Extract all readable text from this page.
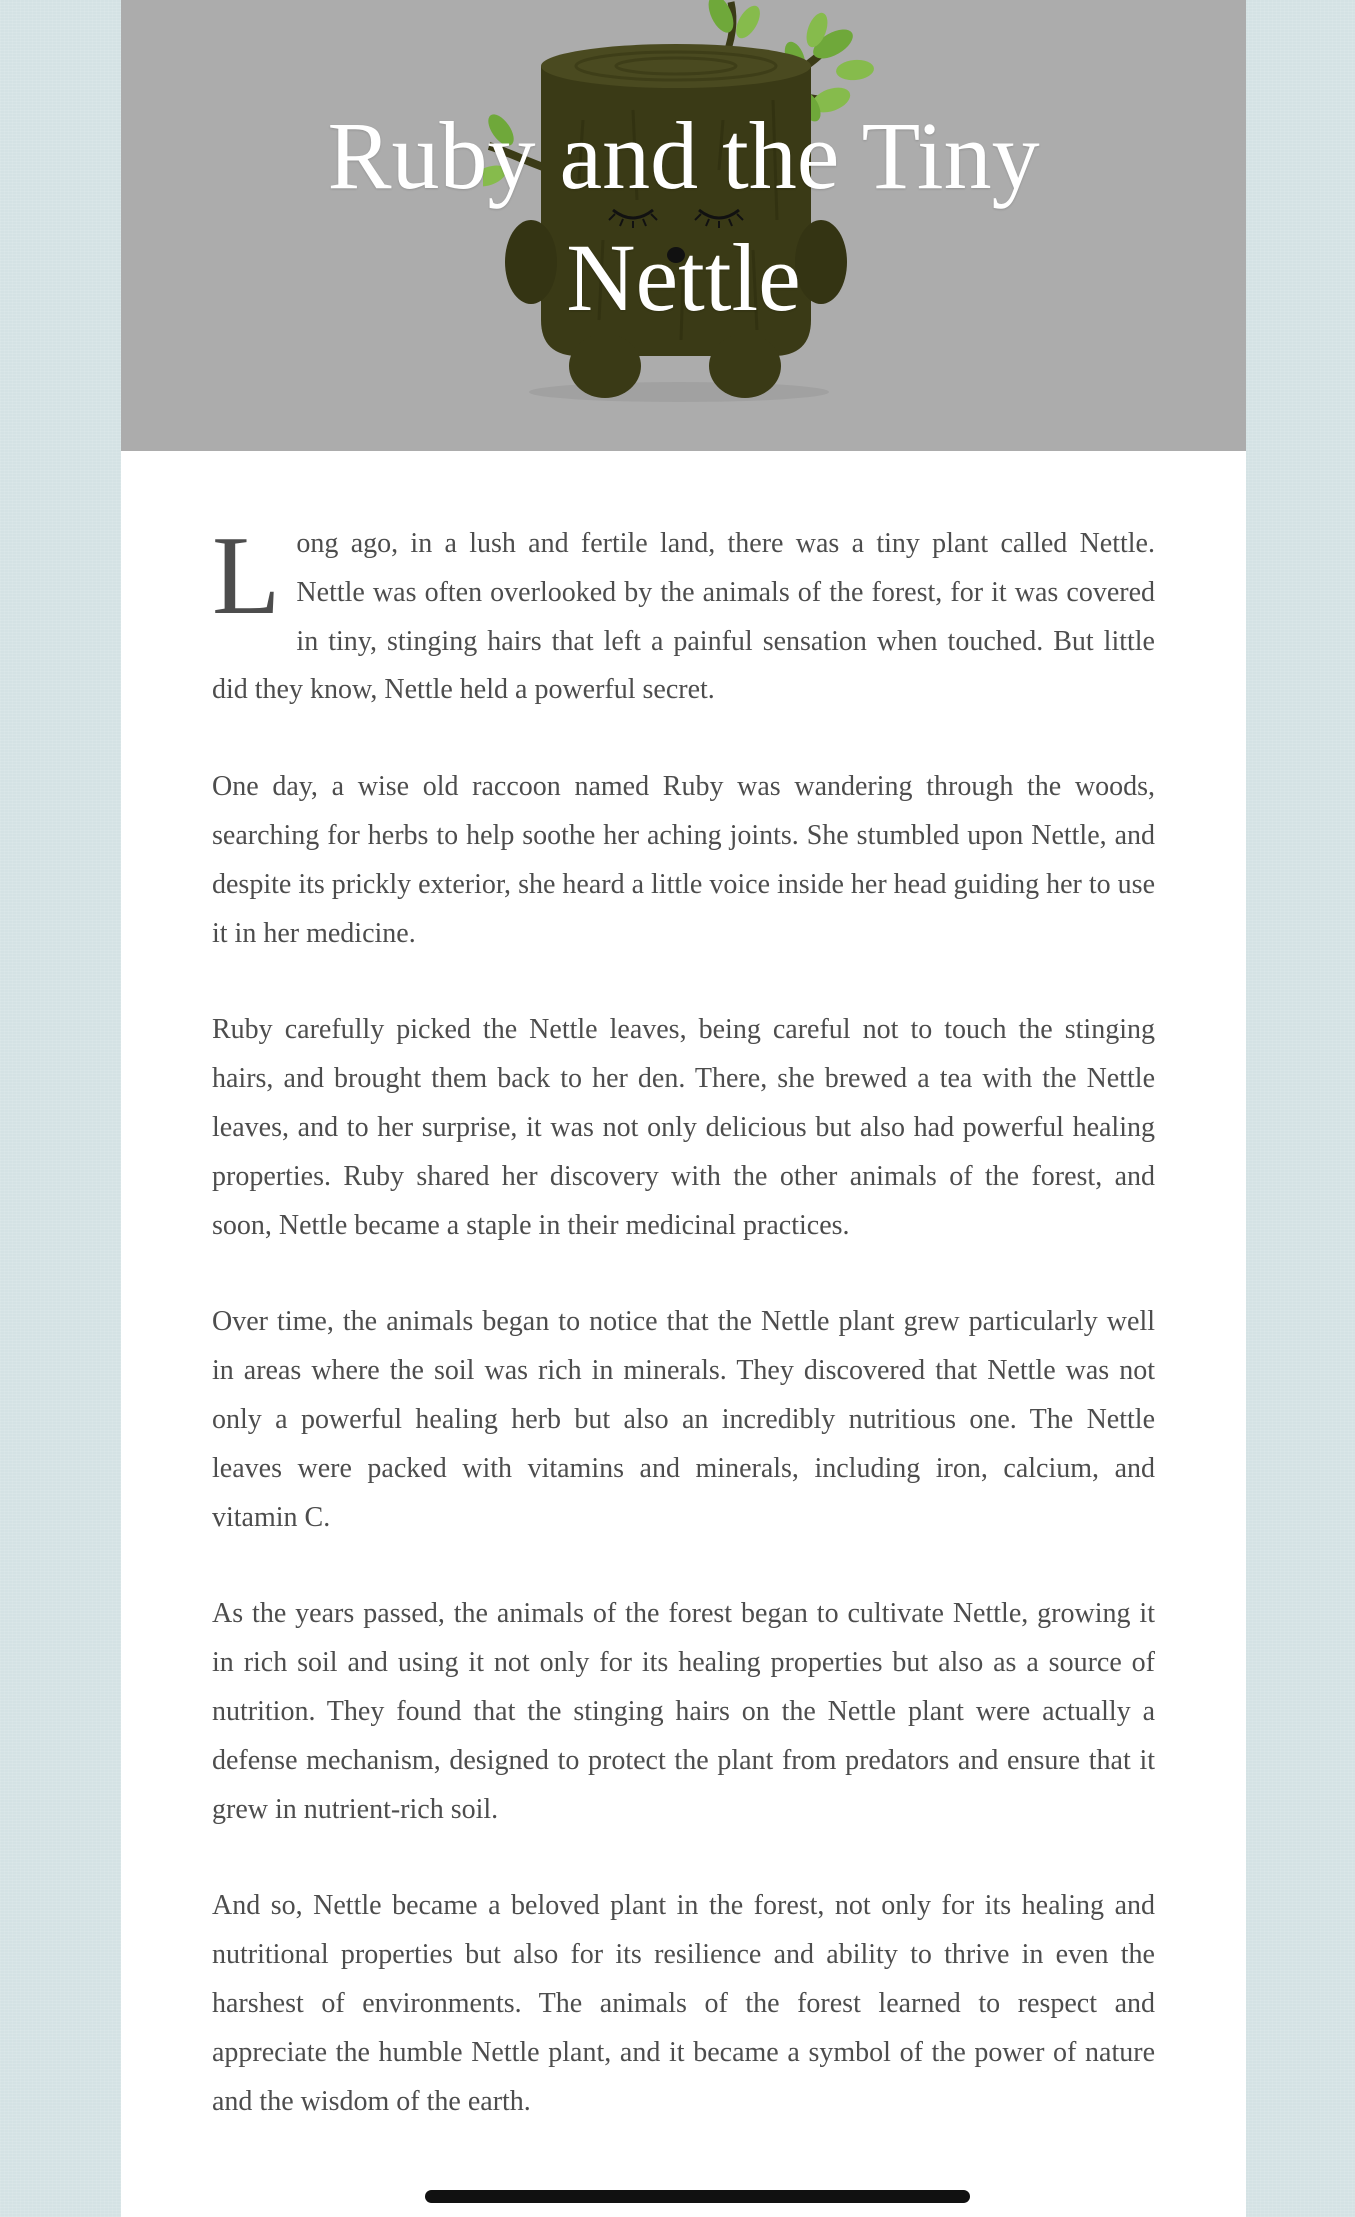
Ruby and the Tiny
Nettle

Long ago, in a lush and fertile land, there was a tiny plant called Nettle. Nettle was often overlooked by the animals of the forest, for it was covered in tiny, stinging hairs that left a painful sensation when touched. But little did they know, Nettle held a powerful secret.

One day, a wise old raccoon named Ruby was wandering through the woods, searching for herbs to help soothe her aching joints. She stumbled upon Nettle, and despite its prickly exterior, she heard a little voice inside her head guiding her to use it in her medicine.

Ruby carefully picked the Nettle leaves, being careful not to touch the stinging hairs, and brought them back to her den. There, she brewed a tea with the Nettle leaves, and to her surprise, it was not only delicious but also had powerful healing properties. Ruby shared her discovery with the other animals of the forest, and soon, Nettle became a staple in their medicinal practices.

Over time, the animals began to notice that the Nettle plant grew particularly well in areas where the soil was rich in minerals. They discovered that Nettle was not only a powerful healing herb but also an incredibly nutritious one. The Nettle leaves were packed with vitamins and minerals, including iron, calcium, and vitamin C.

As the years passed, the animals of the forest began to cultivate Nettle, growing it in rich soil and using it not only for its healing properties but also as a source of nutrition. They found that the stinging hairs on the Nettle plant were actually a defense mechanism, designed to protect the plant from predators and ensure that it grew in nutrient-rich soil.

And so, Nettle became a beloved plant in the forest, not only for its healing and nutritional properties but also for its resilience and ability to thrive in even the harshest of environments. The animals of the forest learned to respect and appreciate the humble Nettle plant, and it became a symbol of the power of nature and the wisdom of the earth.
